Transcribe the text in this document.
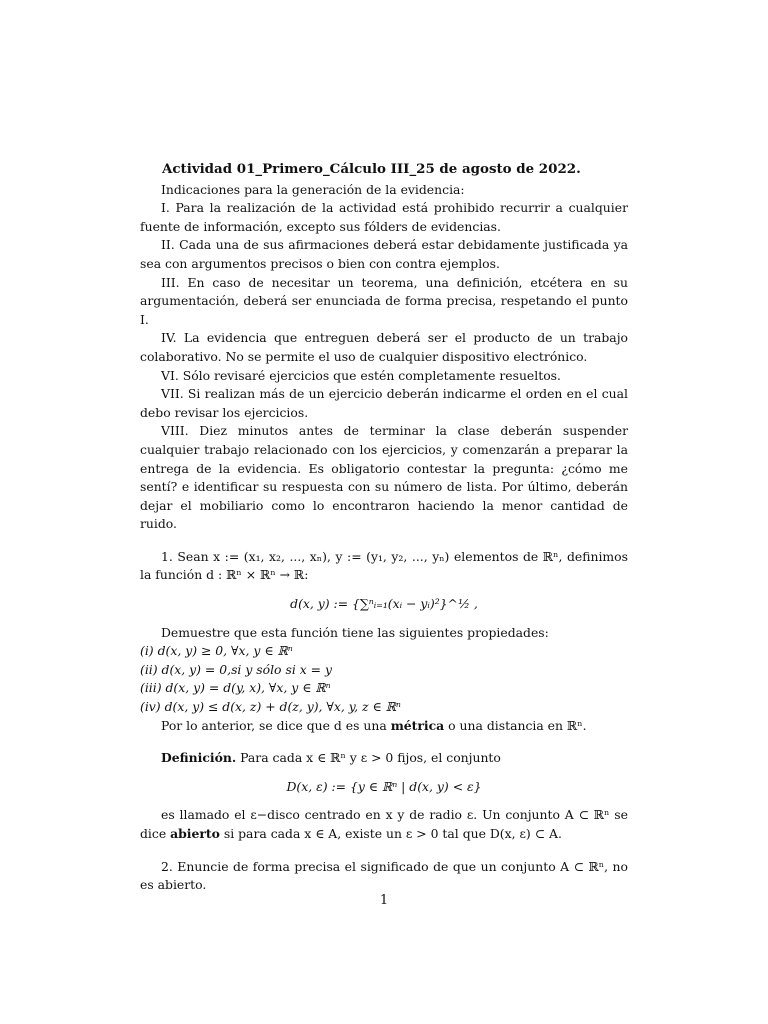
Actividad 01_Primero_Cálculo III_25 de agosto de 2022.

Indicaciones para la generación de la evidencia:

I. Para la realización de la actividad está prohibido recurrir a cualquier fuente de información, excepto sus fólders de evidencias.

II. Cada una de sus afirmaciones deberá estar debidamente justificada ya sea con argumentos precisos o bien con contra ejemplos.

III. En caso de necesitar un teorema, una definición, etcétera en su argumentación, deberá ser enunciada de forma precisa, respetando el punto I.

IV. La evidencia que entreguen deberá ser el producto de un trabajo colaborativo. No se permite el uso de cualquier dispositivo electrónico.

VI. Sólo revisaré ejercicios que estén completamente resueltos.

VII. Si realizan más de un ejercicio deberán indicarme el orden en el cual debo revisar los ejercicios.

VIII. Diez minutos antes de terminar la clase deberán suspender cualquier trabajo relacionado con los ejercicios, y comenzarán a preparar la entrega de la evidencia. Es obligatorio contestar la pregunta: ¿cómo me sentí? e identificar su respuesta con su número de lista. Por último, deberán dejar el mobiliario como lo encontraron haciendo la menor cantidad de ruido.

1. Sean x := (x₁, x₂, ..., xₙ), y := (y₁, y₂, ..., yₙ) elementos de ℝⁿ, definimos la función d : ℝⁿ × ℝⁿ → ℝ:

d(x, y) := {∑ⁿᵢ₌₁(xᵢ − yᵢ)²}^½ ,

Demuestre que esta función tiene las siguientes propiedades:

(i) d(x, y) ≥ 0, ∀x, y ∈ ℝⁿ

(ii) d(x, y) = 0,si y sólo si x = y

(iii) d(x, y) = d(y, x), ∀x, y ∈ ℝⁿ

(iv) d(x, y) ≤ d(x, z) + d(z, y), ∀x, y, z ∈ ℝⁿ

Por lo anterior, se dice que d es una métrica o una distancia en ℝⁿ.

Definición. Para cada x ∈ ℝⁿ y ε > 0 fijos, el conjunto

D(x, ε) := {y ∈ ℝⁿ | d(x, y) < ε}

es llamado el ε−disco centrado en x y de radio ε. Un conjunto A ⊂ ℝⁿ se dice abierto si para cada x ∈ A, existe un ε > 0 tal que D(x, ε) ⊂ A.

2. Enuncie de forma precisa el significado de que un conjunto A ⊂ ℝⁿ, no es abierto.

1
